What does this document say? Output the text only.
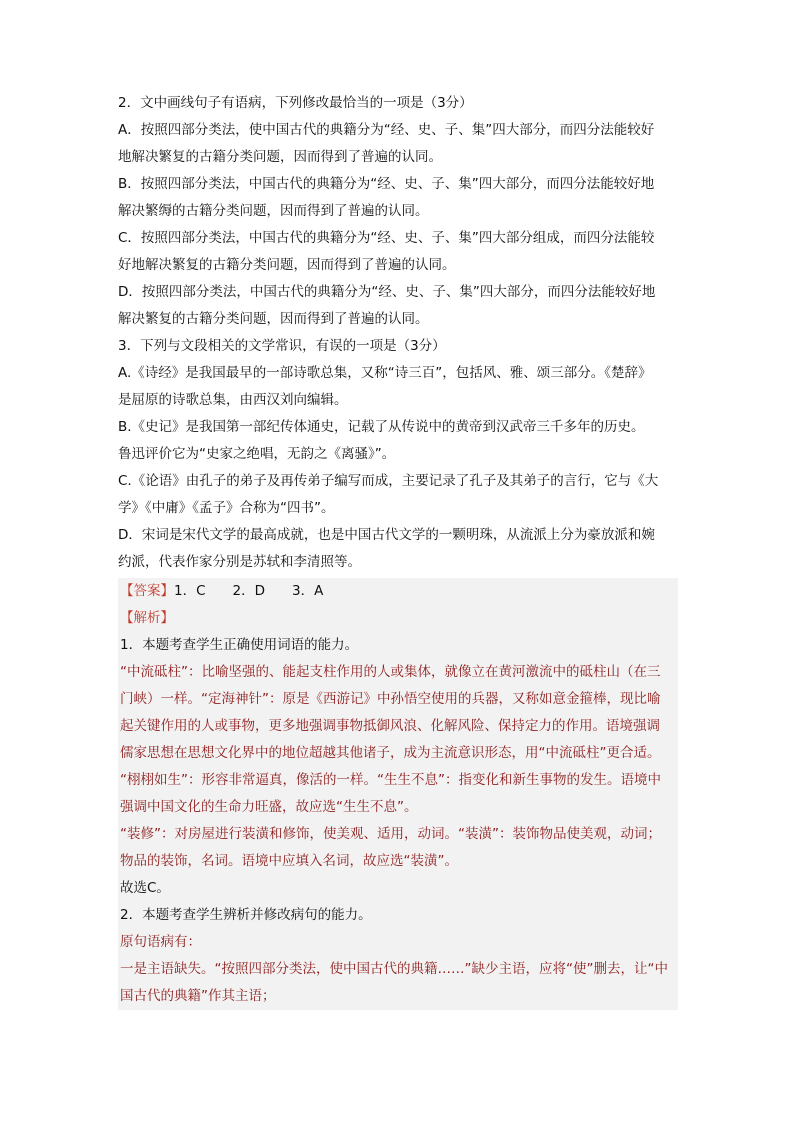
2．文中画线句子有语病，下列修改最恰当的一项是（3分）
A．按照四部分类法，使中国古代的典籍分为“经、史、子、集”四大部分，而四分法能较好
地解决繁复的古籍分类问题，因而得到了普遍的认同。
B．按照四部分类法，中国古代的典籍分为“经、史、子、集”四大部分，而四分法能较好地
解决繁缛的古籍分类问题，因而得到了普遍的认同。
C．按照四部分类法，中国古代的典籍分为“经、史、子、集”四大部分组成，而四分法能较
好地解决繁复的古籍分类问题，因而得到了普遍的认同。
D．按照四部分类法，中国古代的典籍分为“经、史、子、集”四大部分，而四分法能较好地
解决繁复的古籍分类问题，因而得到了普遍的认同。
3．下列与文段相关的文学常识，有误的一项是（3分）
A.《诗经》是我国最早的一部诗歌总集，又称“诗三百”，包括风、雅、颂三部分。《楚辞》
是屈原的诗歌总集，由西汉刘向编辑。
B.《史记》是我国第一部纪传体通史，记载了从传说中的黄帝到汉武帝三千多年的历史。
鲁迅评价它为“史家之绝唱，无韵之《离骚》”。
C.《论语》由孔子的弟子及再传弟子编写而成，主要记录了孔子及其弟子的言行，它与《大
学》《中庸》《孟子》合称为“四书”。
D．宋词是宋代文学的最高成就，也是中国古代文学的一颗明珠，从流派上分为豪放派和婉
约派，代表作家分别是苏轼和李清照等。
【答案】1．C　　2．D　　3．A
【解析】
1．本题考查学生正确使用词语的能力。
“中流砥柱”：比喻坚强的、能起支柱作用的人或集体，就像立在黄河激流中的砥柱山（在三
门峡）一样。“定海神针”：原是《西游记》中孙悟空使用的兵器，又称如意金箍棒，现比喻
起关键作用的人或事物，更多地强调事物抵御风浪、化解风险、保持定力的作用。语境强调
儒家思想在思想文化界中的地位超越其他诸子，成为主流意识形态，用“中流砥柱”更合适。
“栩栩如生”：形容非常逼真，像活的一样。“生生不息”：指变化和新生事物的发生。语境中
强调中国文化的生命力旺盛，故应选“生生不息”。
“装修”：对房屋进行装潢和修饰，使美观、适用，动词。“装潢”：装饰物品使美观，动词；
物品的装饰，名词。语境中应填入名词，故应选“装潢”。
故选C。
2．本题考查学生辨析并修改病句的能力。
原句语病有：
一是主语缺失。“按照四部分类法，使中国古代的典籍……”缺少主语，应将“使”删去，让“中
国古代的典籍”作其主语；
